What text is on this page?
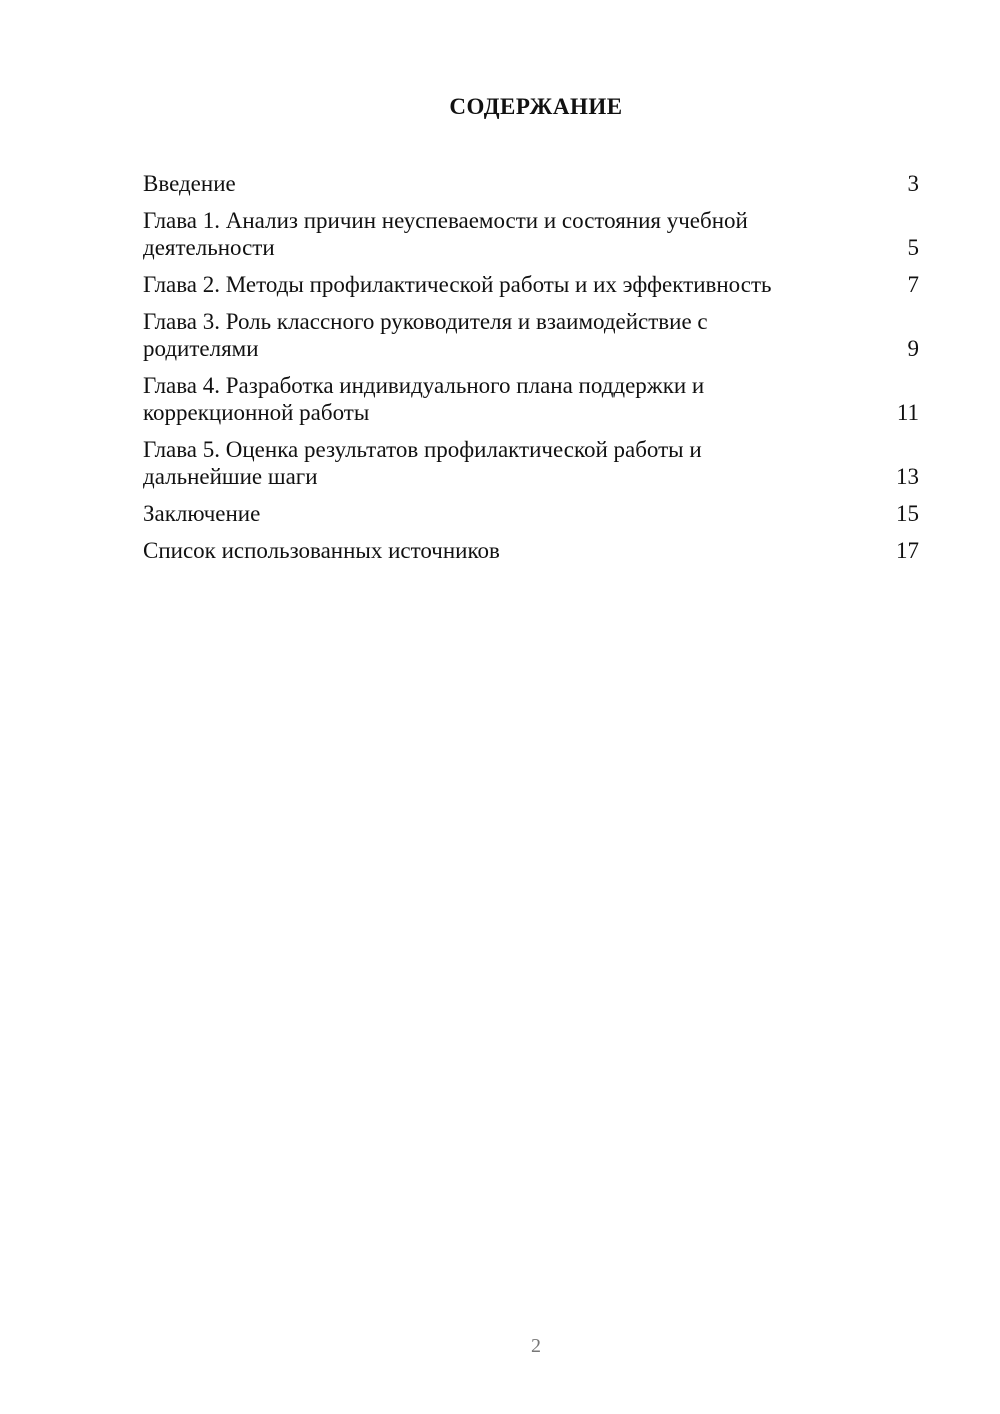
СОДЕРЖАНИЕ
Введение	3
Глава 1. Анализ причин неуспеваемости и состояния учебной деятельности	5
Глава 2. Методы профилактической работы и их эффективность	7
Глава 3. Роль классного руководителя и взаимодействие с родителями	9
Глава 4. Разработка индивидуального плана поддержки и коррекционной работы	11
Глава 5. Оценка результатов профилактической работы и дальнейшие шаги	13
Заключение	15
Список использованных источников	17
2
